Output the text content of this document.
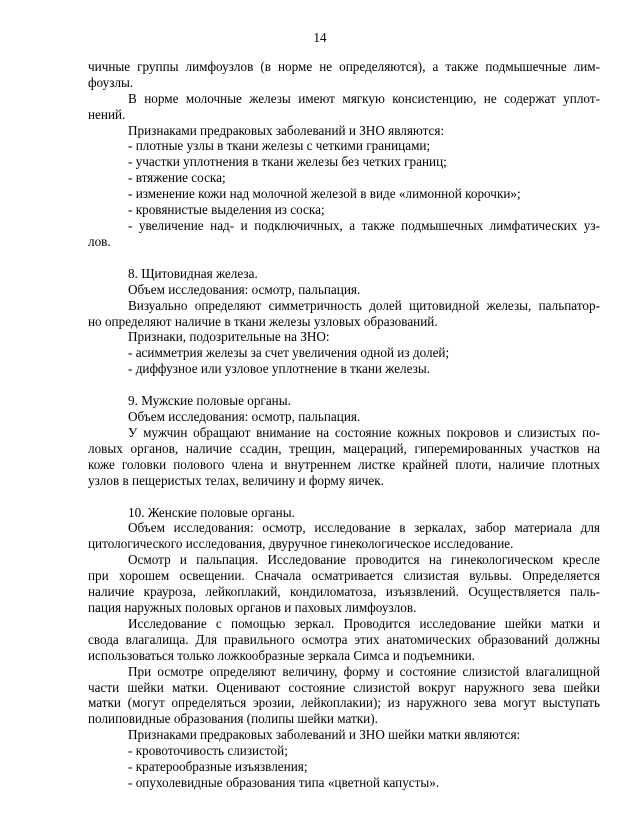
14
чичные группы лимфоузлов (в норме не определяются), а также подмышечные лим-
фоузлы.
В норме молочные железы имеют мягкую консистенцию, не содержат уплот-
нений.
Признаками предраковых заболеваний и ЗНО являются:
- плотные узлы в ткани железы с четкими границами;
- участки уплотнения в ткани железы без четких границ;
- втяжение соска;
- изменение кожи над молочной железой в виде «лимонной корочки»;
- кровянистые выделения из соска;
- увеличение над- и подключичных, а также подмышечных лимфатических уз-
лов.
8. Щитовидная железа.
Объем исследования: осмотр, пальпация.
Визуально определяют симметричность долей щитовидной железы, пальпатор-
но определяют наличие в ткани железы узловых образований.
Признаки, подозрительные на ЗНО:
- асимметрия железы за счет увеличения одной из долей;
- диффузное или узловое уплотнение в ткани железы.
9. Мужские половые органы.
Объем исследования: осмотр, пальпация.
У мужчин обращают внимание на состояние кожных покровов и слизистых по-
ловых органов, наличие ссадин, трещин, мацераций, гиперемированных участков на
коже головки полового члена и внутреннем листке крайней плоти, наличие плотных
узлов в пещеристых телах, величину и форму яичек.
10. Женские половые органы.
Объем исследования: осмотр, исследование в зеркалах, забор материала для
цитологического исследования, двуручное гинекологическое исследование.
Осмотр и пальпация. Исследование проводится на гинекологическом кресле
при хорошем освещении. Сначала осматривается слизистая вульвы. Определяется
наличие крауроза, лейкоплакий, кондиломатоза, изъязвлений. Осуществляется паль-
пация наружных половых органов и паховых лимфоузлов.
Исследование с помощью зеркал. Проводится исследование шейки матки и
свода влагалища. Для правильного осмотра этих анатомических образований должны
использоваться только ложкообразные зеркала Симса и подъемники.
При осмотре определяют величину, форму и состояние слизистой влагалищной
части шейки матки. Оценивают состояние слизистой вокруг наружного зева шейки
матки (могут определяться эрозии, лейкоплакии); из наружного зева могут выступать
полиповидные образования (полипы шейки матки).
Признаками предраковых заболеваний и ЗНО шейки матки являются:
- кровоточивость слизистой;
- кратерообразные изъязвления;
- опухолевидные образования типа «цветной капусты».
